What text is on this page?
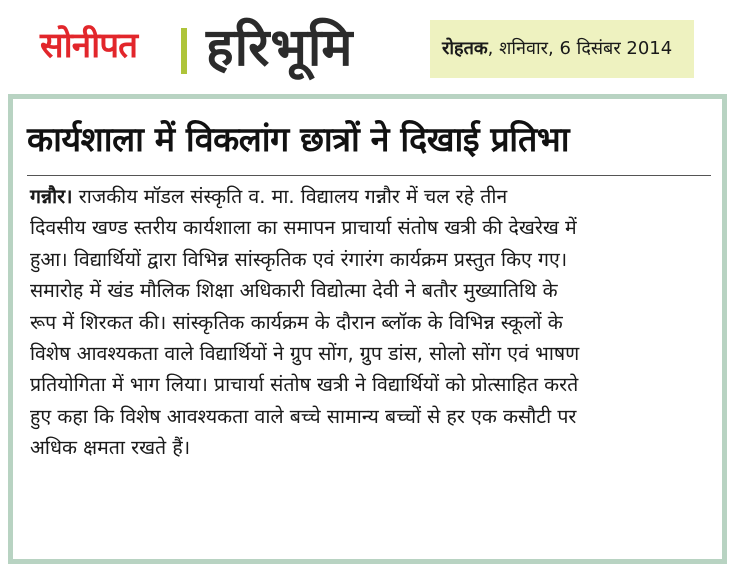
सोनीपत हरिभूमि	रोहतक, शनिवार, 6 दिसंबर 2014
कार्यशाला में विकलांग छात्रों ने दिखाई प्रतिभा
गन्नौर। राजकीय मॉडल संस्कृति व. मा. विद्यालय गन्नौर में चल रहे तीन
दिवसीय खण्ड स्तरीय कार्यशाला का समापन प्राचार्या संतोष खत्री की देखरेख में
हुआ। विद्यार्थियों द्वारा विभिन्न सांस्कृतिक एवं रंगारंग कार्यक्रम प्रस्तुत किए गए।
समारोह में खंड मौलिक शिक्षा अधिकारी विद्योत्मा देवी ने बतौर मुख्यातिथि के
रूप में शिरकत की। सांस्कृतिक कार्यक्रम के दौरान ब्लॉक के विभिन्न स्कूलों के
विशेष आवश्यकता वाले विद्यार्थियों ने ग्रुप सोंग, ग्रुप डांस, सोलो सोंग एवं भाषण
प्रतियोगिता में भाग लिया। प्राचार्या संतोष खत्री ने विद्यार्थियों को प्रोत्साहित करते
हुए कहा कि विशेष आवश्यकता वाले बच्चे सामान्य बच्चों से हर एक कसौटी पर
अधिक क्षमता रखते हैं।
